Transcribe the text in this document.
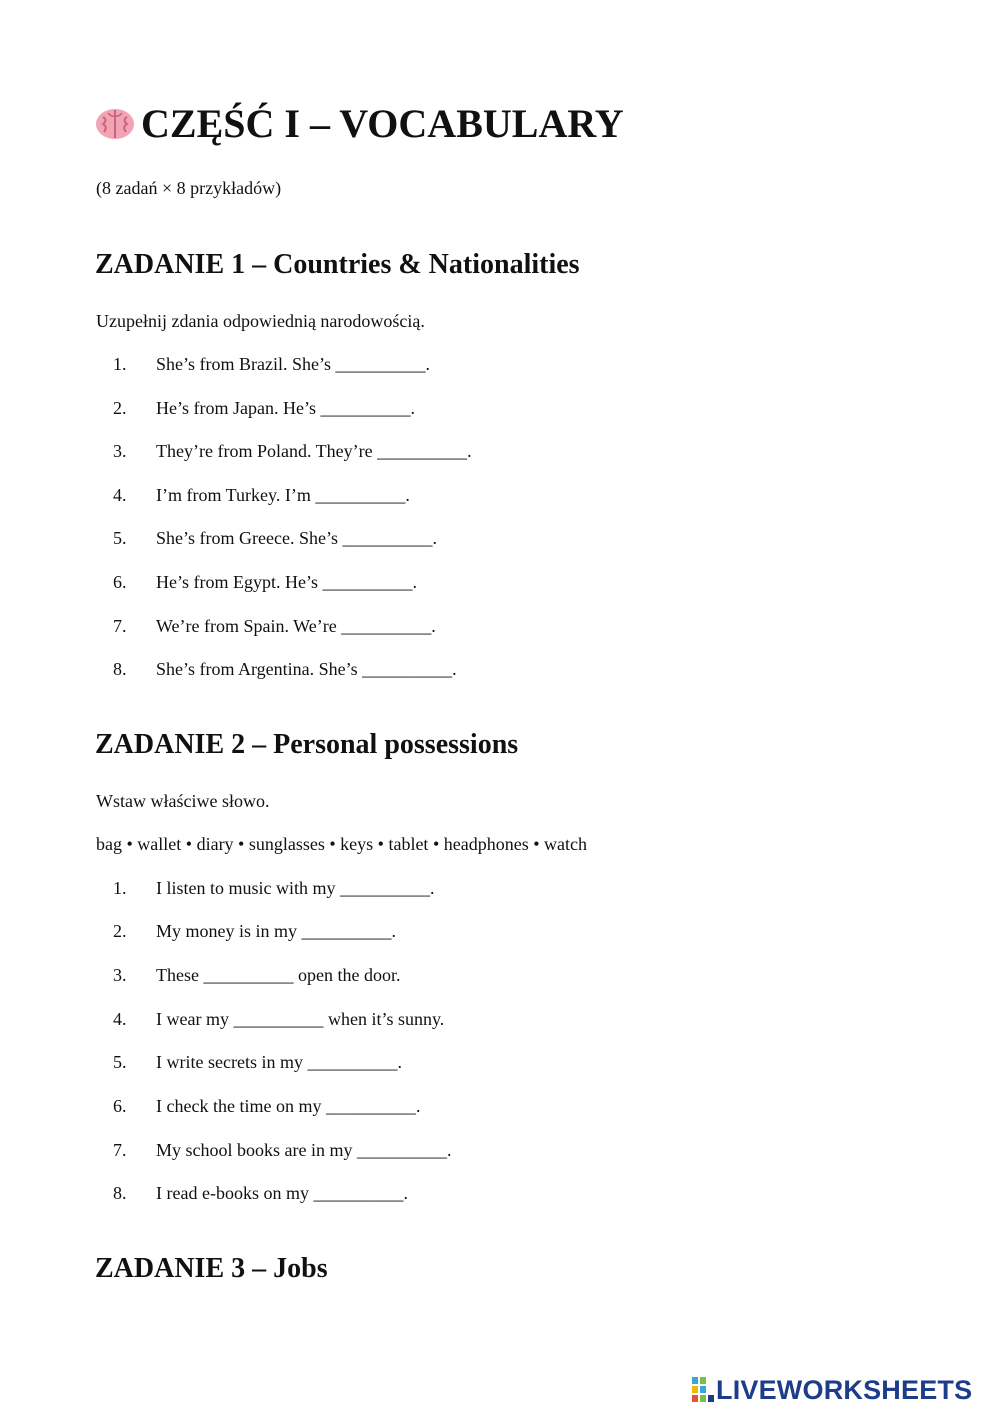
CZĘŚĆ I – VOCABULARY
(8 zadań × 8 przykładów)
ZADANIE 1 – Countries & Nationalities
Uzupełnij zdania odpowiednią narodowością.
1. She’s from Brazil. She’s __________.
2. He’s from Japan. He’s __________.
3. They’re from Poland. They’re __________.
4. I’m from Turkey. I’m __________.
5. She’s from Greece. She’s __________.
6. He’s from Egypt. He’s __________.
7. We’re from Spain. We’re __________.
8. She’s from Argentina. She’s __________.
ZADANIE 2 – Personal possessions
Wstaw właściwe słowo.
bag • wallet • diary • sunglasses • keys • tablet • headphones • watch
1. I listen to music with my __________.
2. My money is in my __________.
3. These __________ open the door.
4. I wear my __________ when it’s sunny.
5. I write secrets in my __________.
6. I check the time on my __________.
7. My school books are in my __________.
8. I read e-books on my __________.
ZADANIE 3 – Jobs
LIVEWORKSHEETS
